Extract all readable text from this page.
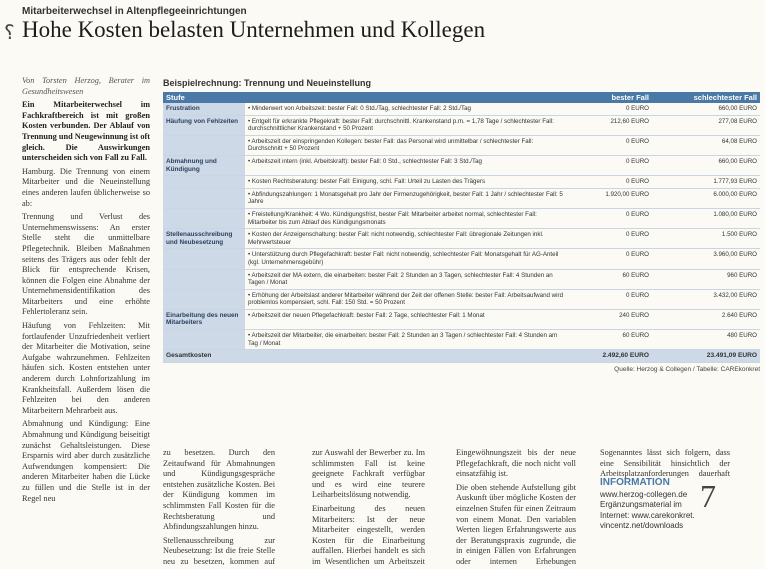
Mitarbeiterwechsel in Altenpflegeeinrichtungen
⸮ Hohe Kosten belasten Unternehmen und Kollegen

Von Torsten Herzog, Berater im Gesundheitswesen

Ein Mitarbeiterwechsel im Fachkraftbereich ist mit großen Kosten verbunden. Der Ablauf von Trennung und Neugewinnung ist oft gleich. Die Auswirkungen unterscheiden sich von Fall zu Fall.

Hamburg. Die Trennung von einem Mitarbeiter und die Neueinstellung eines anderen laufen üblicherweise so ab:

Trennung und Verlust des Unternehmenswissens: An erster Stelle steht die unmittelbare Pflegetechnik. Bleiben Maßnahmen seitens des Trägers aus oder fehlt der Blick für entsprechende Krisen, können die Folgen eine Abnahme der Unternehmensidentifikation des Mitarbeiters und eine erhöhte Fehlertoleranz sein.

Häufung von Fehlzeiten: Mit fortlaufender Unzufriedenheit verliert der Mitarbeiter die Motivation, seine Aufgabe wahrzunehmen. Fehlzeiten häufen sich. Kosten entstehen unter anderem durch Lohnfortzahlung im Krankheitsfall. Außerdem lösen die Fehlzeiten bei den anderen Mitarbeitern Mehrarbeit aus.

Abmahnung und Kündigung: Eine Abmahnung und Kündigung beiseitigt zunächst Gehaltsleistungen. Diese Ersparnis wird aber durch zusätzliche Aufwendungen kompensiert: Die anderen Mitarbeiter haben die Lücke zu füllen und die Stelle ist in der Regel neu

Beispielrechnung: Trennung und Neueinstellung
Stufe		bester Fall	schlechtester Fall
Frustration	• Minderwert von Arbeitszeit: bester Fall: 0 Std./Tag, schlechtester Fall: 2 Std./Tag	0 EURO	660,00 EURO
Häufung von Fehlzeiten	• Entgelt für erkrankte Pflegekraft: bester Fall: durchschnittl. Krankenstand p.m. = 1,78 Tage / schlechtester Fall: durchschnittlicher Krankenstand + 50 Prozent	212,60 EURO	277,08 EURO
	• Arbeitszeit der einspringenden Kollegen: bester Fall: das Personal wird unmittelbar / schlechtester Fall: Durchschnitt + 50 Prozent	0 EURO	64,08 EURO
Abmahnung und Kündigung	• Arbeitszeit intern (inkl. Arbeitskraft): bester Fall: 0 Std., schlechtester Fall: 3 Std./Tag	0 EURO	660,00 EURO
	• Kosten Rechtsberatung: bester Fall: Einigung, schl. Fall: Urteil zu Lasten des Trägers	0 EURO	1.777,93 EURO
	• Abfindungszahlungen: 1 Monatsgehalt pro Jahr der Firmenzugehörigkeit, bester Fall: 1 Jahr / schlechtester Fall: 5 Jahre	1.920,00 EURO	6.000,00 EURO
	• Freistellung/Krankheit: 4 Wo. Kündigungsfrist, bester Fall: Mitarbeiter arbeitet normal, schlechtester Fall: Mitarbeiter bis zum Ablauf des Kündigungsmonats	0 EURO	1.080,00 EURO
Stellenausschreibung und Neubesetzung	• Kosten der Anzeigenschaltung: bester Fall: nicht notwendig, schlechtester Fall: übregionale Zeitungen inkl. Mehrwertsteuer	0 EURO	1.500 EURO
	• Unterstützung durch Pflegefachkraft: bester Fall: nicht notwendig, schlechtester Fall: Monatsgehalt für AG-Anteil (kgl. Unternehmensgebühr)	0 EURO	3.960,00 EURO
	• Arbeitszeit der MA extern, die einarbeiten: bester Fall: 2 Stunden an 3 Tagen, schlechtester Fall: 4 Stunden an Tagen / Monat	60 EURO	960 EURO
	• Erhöhung der Arbeitslast anderer Mitarbeiter während der Zeit der offenen Stelle: bester Fall: Arbeitsaufwand wird problemlos kompensiert, schl. Fall: 150 Std. = 50 Prozent	0 EURO	3.432,00 EURO
Einarbeitung des neuen Mitarbeiters	• Arbeitszeit der neuen Pflegefachkraft: bester Fall: 2 Tage, schlechtester Fall: 1 Monat	240 EURO	2.640 EURO
	• Arbeitszeit der Mitarbeiter, die einarbeiten: bester Fall: 2 Stunden an 3 Tagen / schlechtester Fall: 4 Stunden am Tag / Monat	60 EURO	480 EURO
Gesamtkosten		2.492,60 EURO	23.491,09 EURO
Quelle: Herzog & Collegen / Tabelle: CAREkonkret

zu besetzen. Durch den Zeitaufwand für Abmahnungen und Kündigungsgespräche entstehen zusätzliche Kosten. Bei der Kündigung kommen im schlimmsten Fall Kosten für die Rechtsberatung und Abfindungszahlungen hinzu.

Stellenausschreibung zur Neubesetzung: Ist die freie Stelle neu zu besetzen, kommen auf

zur Auswahl der Bewerber zu. Im schlimmsten Fall ist keine geeignete Fachkraft verfügbar und es wird eine teurere Leiharbeitslösung notwendig.

Einarbeitung des neuen Mitarbeiters: Ist der neue Mitarbeiter eingestellt, werden Kosten für die Einarbeitung auffallen. Hierbei handelt es sich im Wesentlichen um Arbeitszeit

Eingewöhnungszeit bis der neue Pflegefachkraft, die noch nicht voll einsatzfähig ist.

Die oben stehende Aufstellung gibt Auskunft über mögliche Kosten der einzelnen Stufen für einen Zeitraum von einem Monat. Den variablen Werten liegen Erfahrungswerte aus der Beratungspraxis zugrunde, die in einigen Fällen von Erfahrungen oder internen Erhebungen

Sogenanntes lässt sich folgern, dass eine Sensibilität hinsichtlich der Arbeitsplatzanforderungen dauerhaft

INFORMATION
www.herzog-collegen.de
Ergänzungsmaterial im
Internet: www.carekonkret.
vincentz.net/downloads
7
